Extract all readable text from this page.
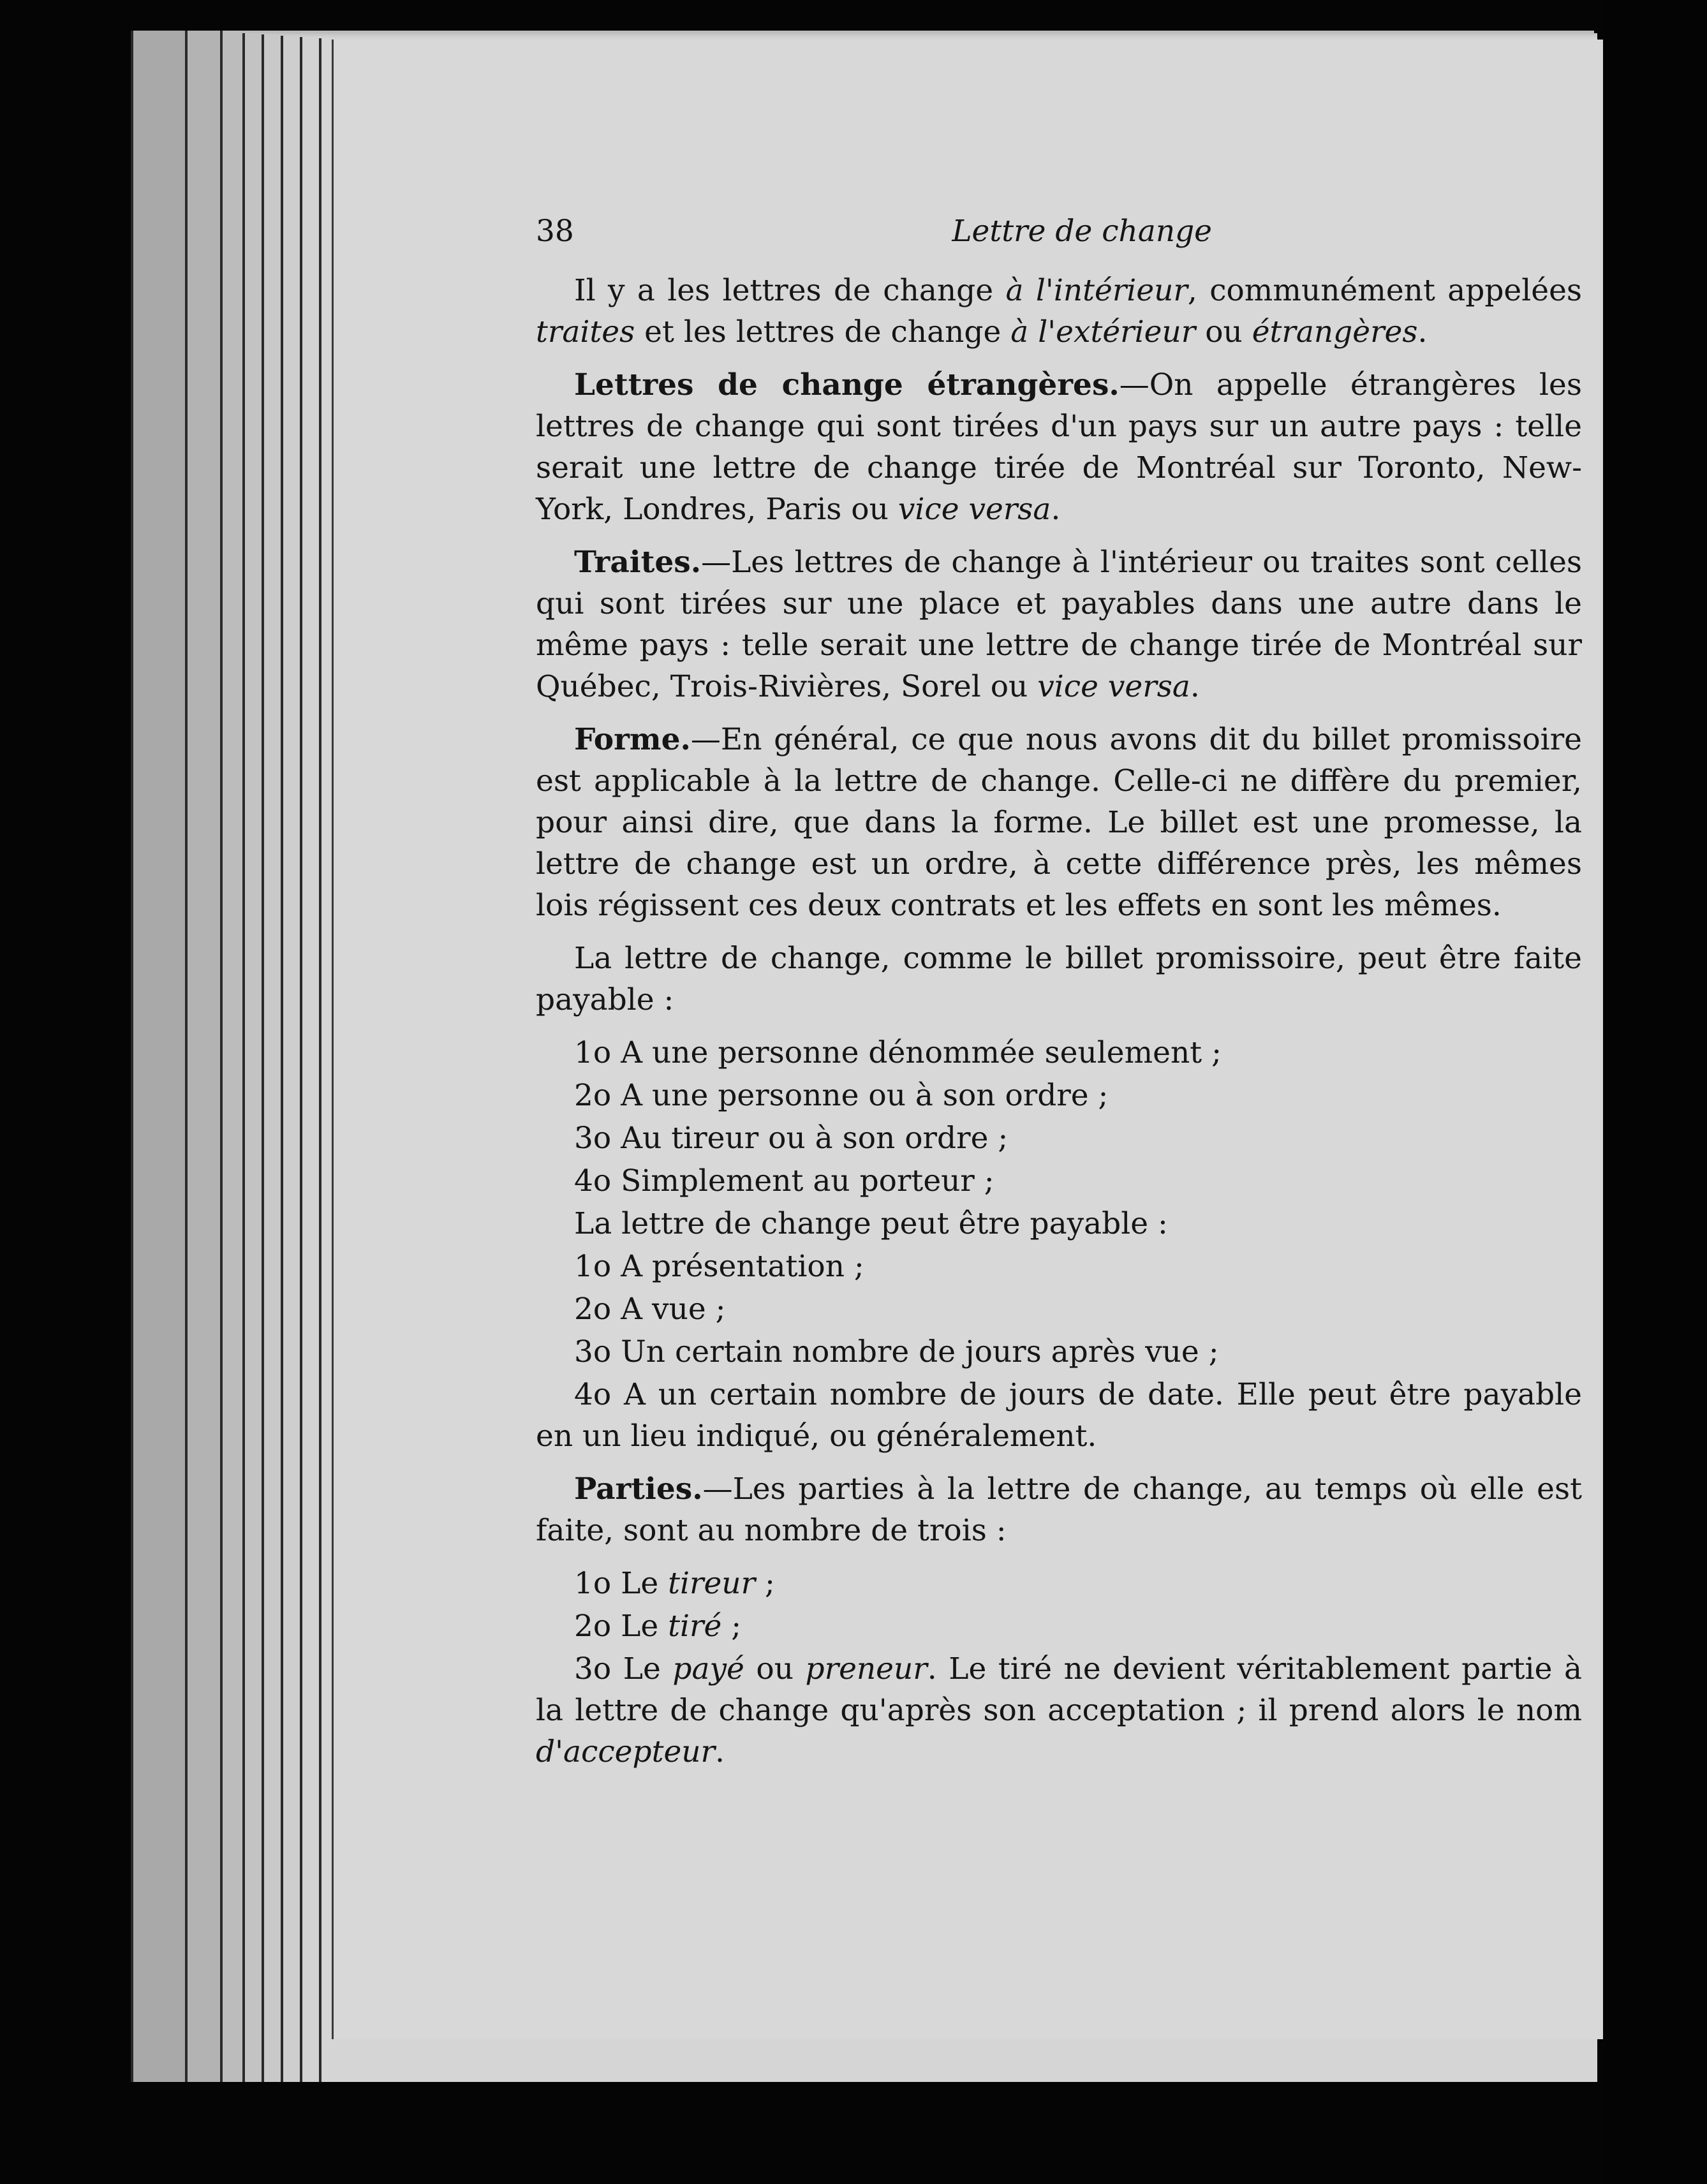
38	Lettre de change

Il y a les lettres de change à l'intérieur, communément appelées traites et les lettres de change à l'extérieur ou étrangères.

Lettres de change étrangères.—On appelle étrangères les lettres de change qui sont tirées d'un pays sur un autre pays : telle serait une lettre de change tirée de Montréal sur Toronto, New-York, Londres, Paris ou vice versa.

Traites.—Les lettres de change à l'intérieur ou traites sont celles qui sont tirées sur une place et payables dans une autre dans le même pays : telle serait une lettre de change tirée de Montréal sur Québec, Trois-Rivières, Sorel ou vice versa.

Forme.—En général, ce que nous avons dit du billet promissoire est applicable à la lettre de change. Celle-ci ne diffère du premier, pour ainsi dire, que dans la forme. Le billet est une promesse, la lettre de change est un ordre, à cette différence près, les mêmes lois régissent ces deux contrats et les effets en sont les mêmes.

La lettre de change, comme le billet promissoire, peut être faite payable :

1o A une personne dénommée seulement ;
2o A une personne ou à son ordre ;
3o Au tireur ou à son ordre ;
4o Simplement au porteur ;
La lettre de change peut être payable :
1o A présentation ;
2o A vue ;
3o Un certain nombre de jours après vue ;

4o A un certain nombre de jours de date. Elle peut être payable en un lieu indiqué, ou généralement.

Parties.—Les parties à la lettre de change, au temps où elle est faite, sont au nombre de trois :

1o Le tireur ;
2o Le tiré ;

3o Le payé ou preneur. Le tiré ne devient véritablement partie à la lettre de change qu'après son acceptation ; il prend alors le nom d'accepteur.
